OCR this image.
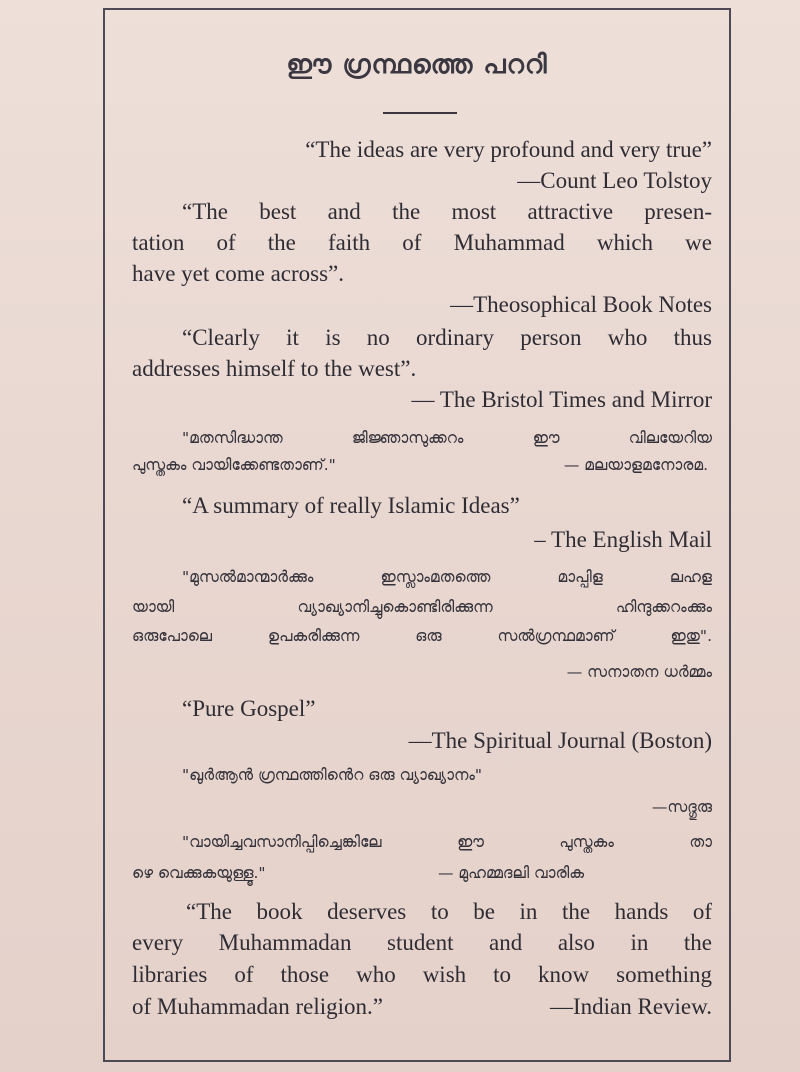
ഈ ഗ്രന്ഥത്തെ പററി
“The ideas are very profound and very true”
—Count Leo Tolstoy
“The best and the most attractive presen-
tation of the faith of Muhammad which we
have yet come across”.
—Theosophical Book Notes
“Clearly it is no ordinary person who thus
addresses himself to the west”.
— The Bristol Times and Mirror
"മതസിദ്ധാന്ത ജിജ്ഞാസുക്കറം ഈ വിലയേറിയ
പുസ്തകം വായിക്കേണ്ടതാണ്."	— മലയാളമനോരമ.
“A summary of really Islamic Ideas”
– The English Mail
"മുസൽമാന്മാർക്കും ഇസ്ലാംമതത്തെ മാപ്പിള ലഹള
യായി വ്യാഖ്യാനിച്ചുകൊണ്ടിരിക്കുന്ന ഹിന്ദുക്കറംക്കും
ഒരുപോലെ ഉപകരിക്കുന്ന ഒരു സൽഗ്രന്ഥമാണ് ഇതു".
— സനാതന ധർമ്മം
“Pure Gospel”
—The Spiritual Journal (Boston)
"ഖുർആൻ ഗ്രന്ഥത്തിൻെറ ഒരു വ്യാഖ്യാനം"
—സദ്ഗുരു
"വായിച്ചവസാനിപ്പിച്ചെങ്കിലേ ഈ പുസ്തകം താ
ഴെ വെക്കുകയുള്ളൂ."	— മുഹമ്മദലി വാരിക
“The book deserves to be in the hands of
every Muhammadan student and also in the
libraries of those who wish to know something
of Muhammadan religion.”	—Indian Review.
